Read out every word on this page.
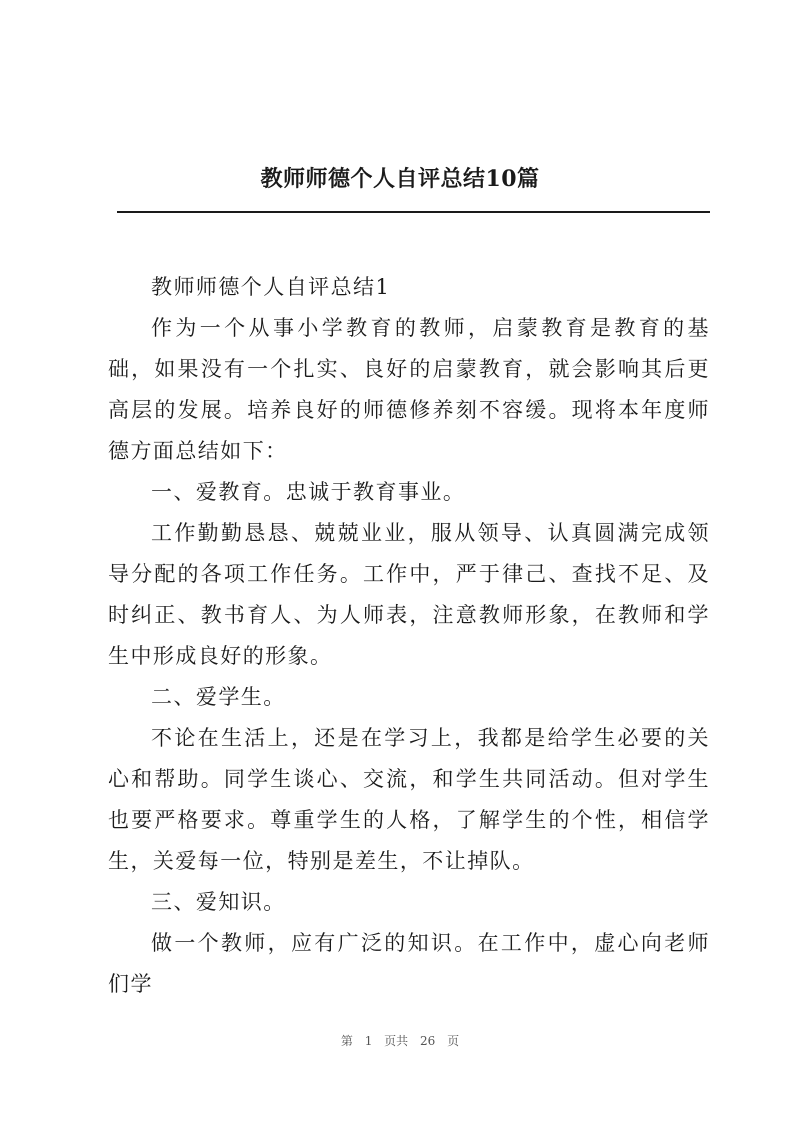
教师师德个人自评总结10篇

教师师德个人自评总结1

作为一个从事小学教育的教师，启蒙教育是教育的基础，如果没有一个扎实、良好的启蒙教育，就会影响其后更高层的发展。培养良好的师德修养刻不容缓。现将本年度师德方面总结如下：

一、爱教育。忠诚于教育事业。

工作勤勤恳恳、兢兢业业，服从领导、认真圆满完成领导分配的各项工作任务。工作中，严于律己、查找不足、及时纠正、教书育人、为人师表，注意教师形象，在教师和学生中形成良好的形象。

二、爱学生。

不论在生活上，还是在学习上，我都是给学生必要的关心和帮助。同学生谈心、交流，和学生共同活动。但对学生也要严格要求。尊重学生的人格，了解学生的个性，相信学生，关爱每一位，特别是差生，不让掉队。

三、爱知识。

做一个教师，应有广泛的知识。在工作中，虚心向老师们学

第 1 页共 26 页
